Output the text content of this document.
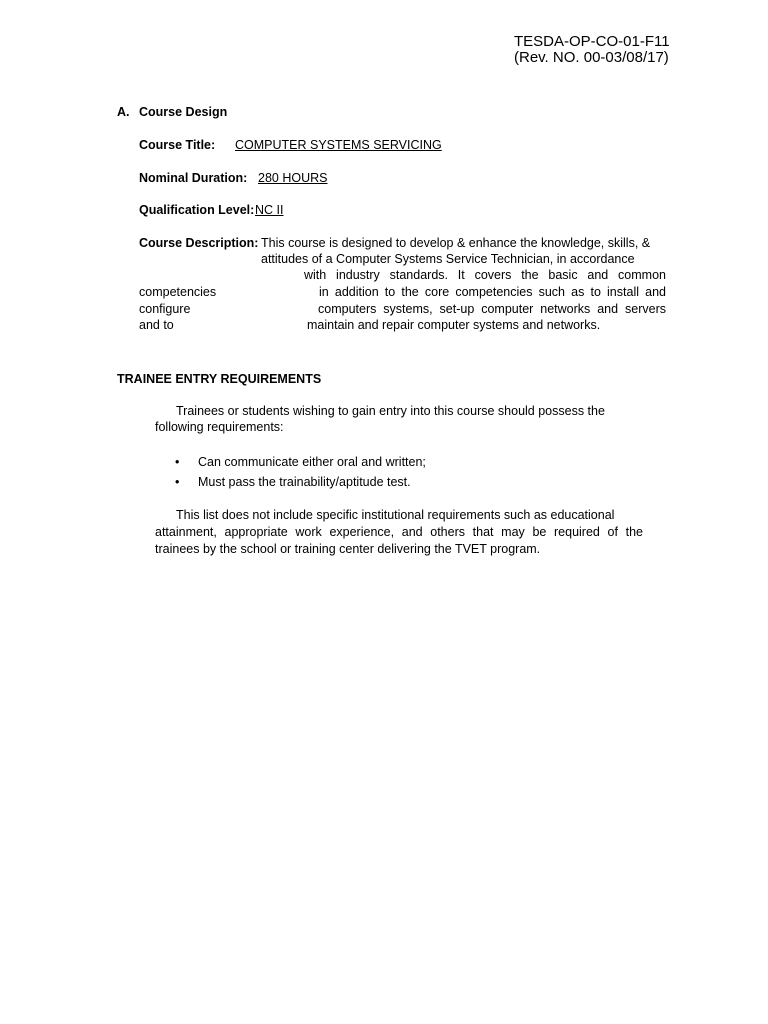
TESDA-OP-CO-01-F11
(Rev. NO. 00-03/08/17)
A. Course Design
Course Title: COMPUTER SYSTEMS SERVICING
Nominal Duration: 280 HOURS
Qualification Level: NC II
Course Description: This course is designed to develop & enhance the knowledge, skills, &
attitudes of a Computer Systems Service Technician, in accordance
with industry standards. It covers the basic and common
competencies	in addition to the core competencies such as to install and
configure	computers systems, set-up computer networks and servers
and to	maintain and repair computer systems and networks.
TRAINEE ENTRY REQUIREMENTS
Trainees or students wishing to gain entry into this course should possess the
following requirements:
• Can communicate either oral and written;
• Must pass the trainability/aptitude test.
This list does not include specific institutional requirements such as educational
attainment, appropriate work experience, and others that may be required of the
trainees by the school or training center delivering the TVET program.
